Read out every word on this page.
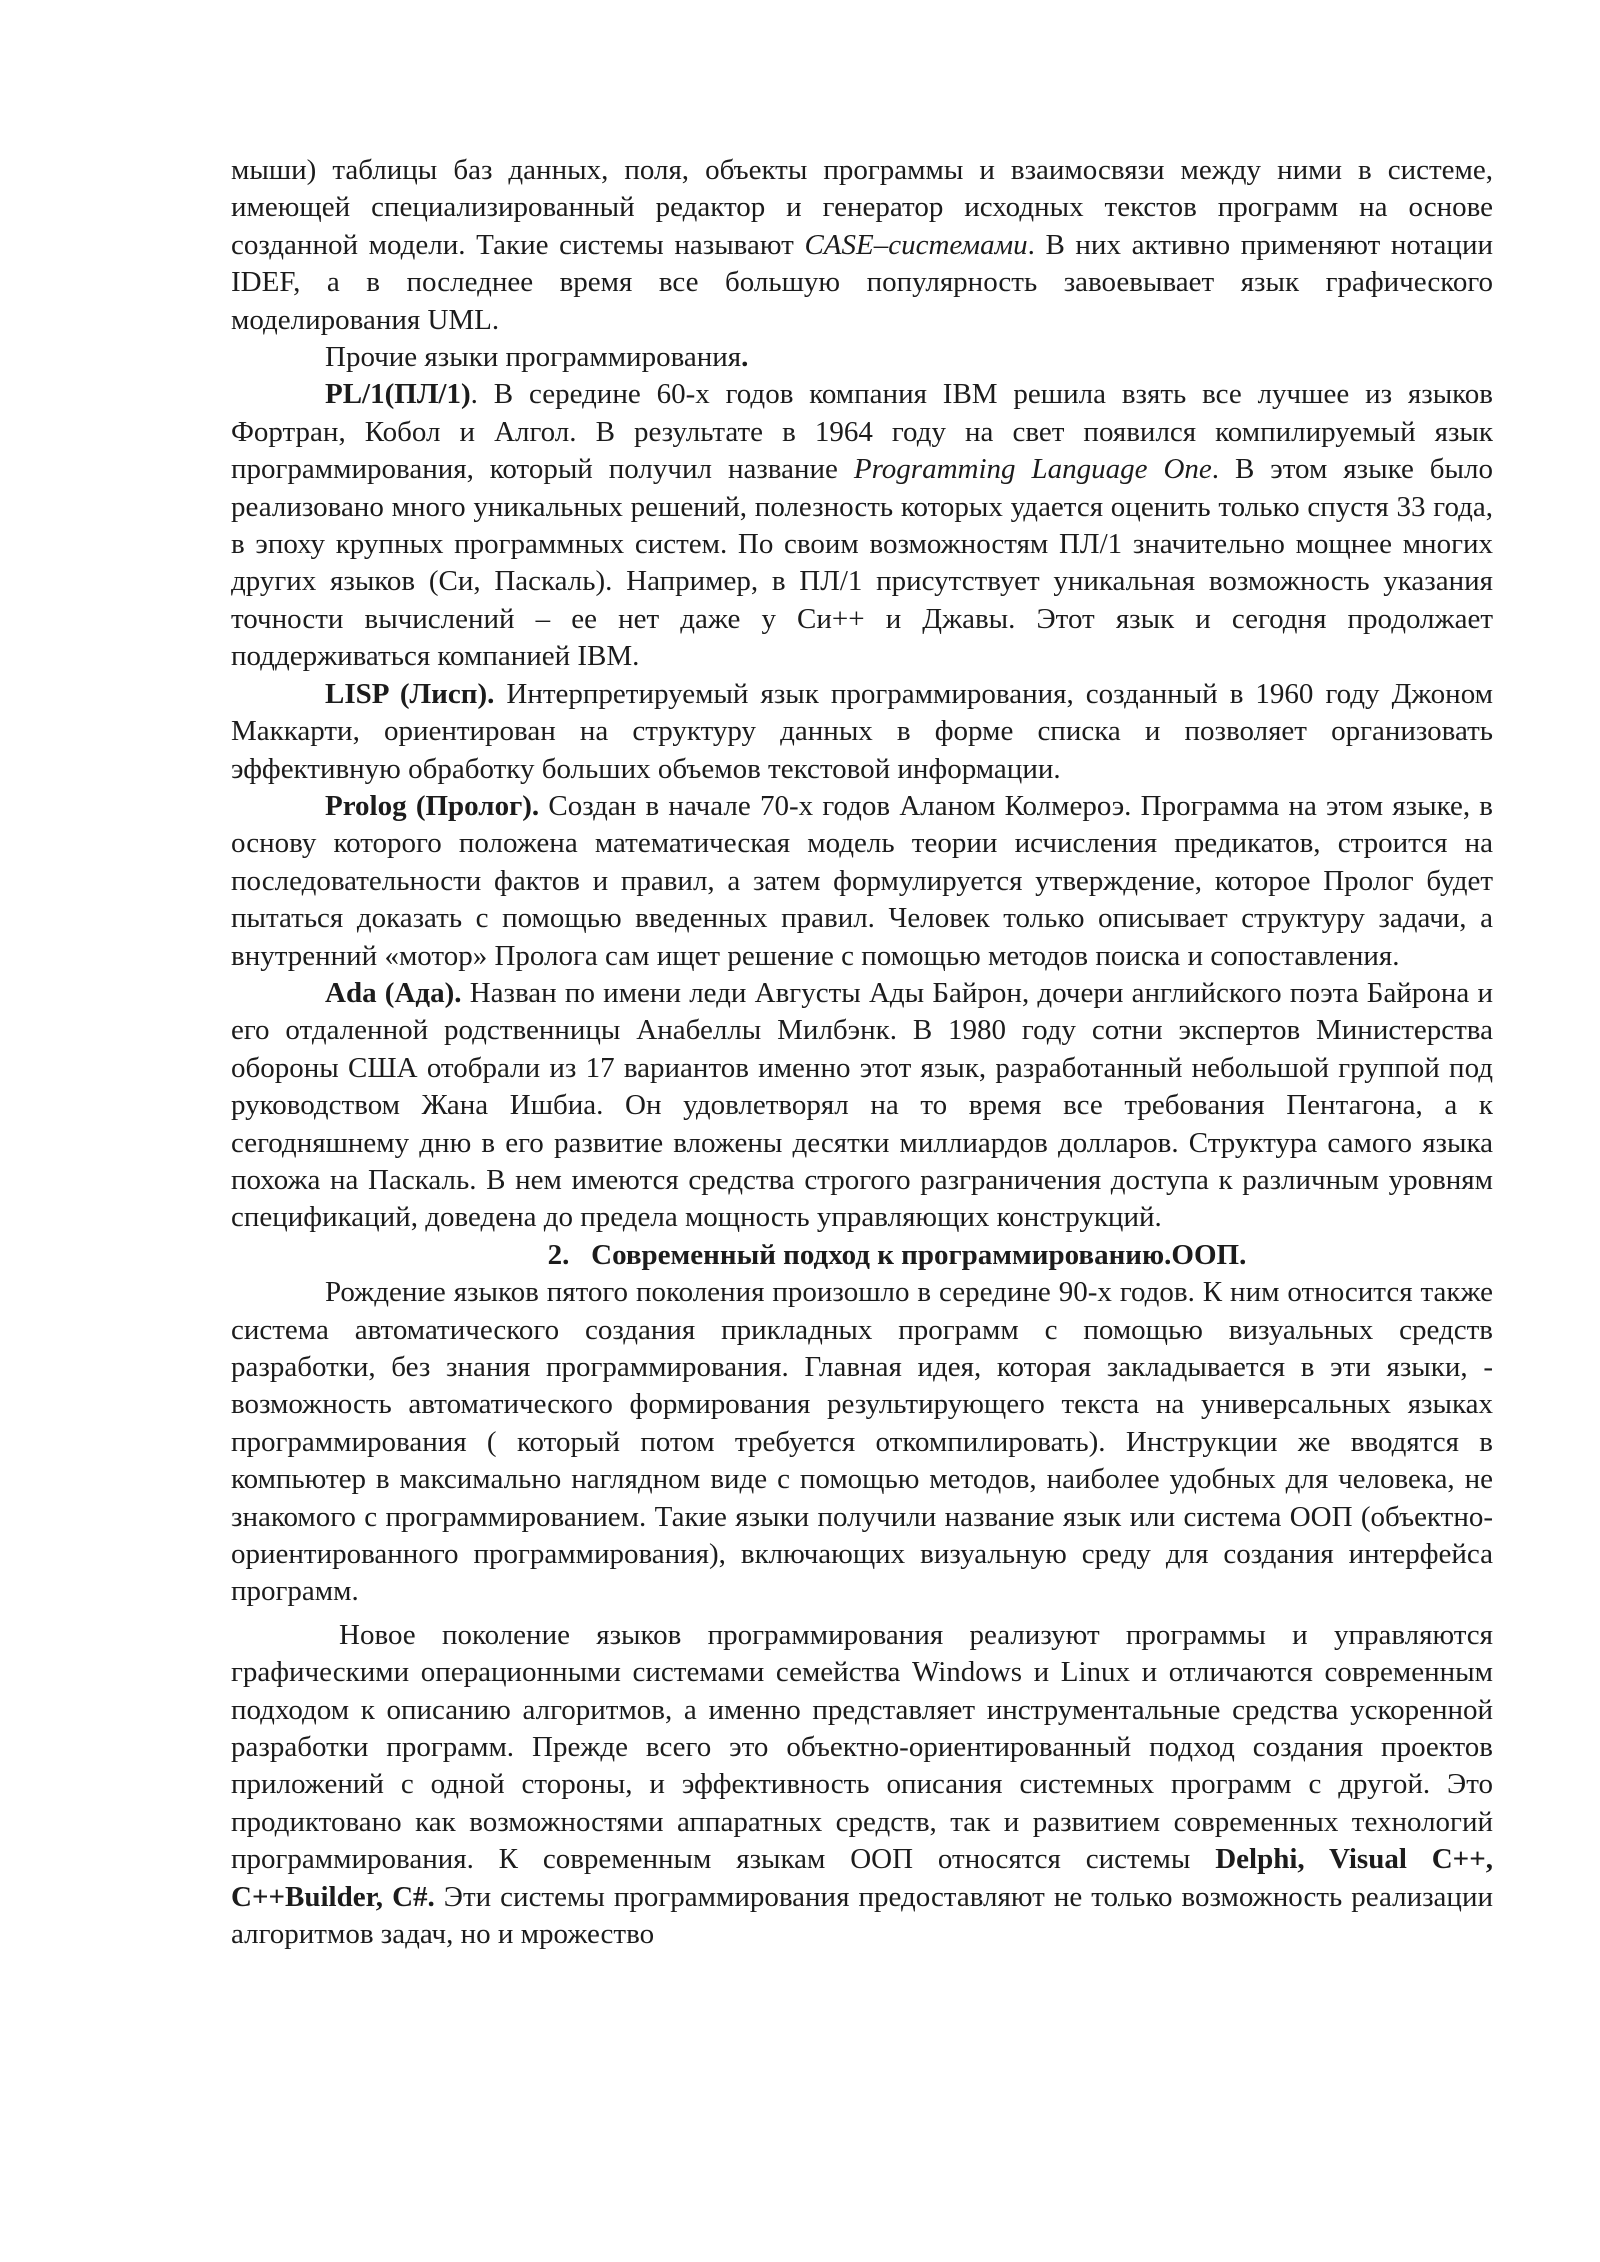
мыши) таблицы баз данных, поля, объекты программы и взаимосвязи между ними в системе, имеющей специализированный редактор и генератор исходных текстов программ на основе созданной модели. Такие системы называют CASE–системами. В них активно применяют нотации IDEF, а в последнее время все большую популярность завоевывает язык графического моделирования UML.

Прочие языки программирования.

PL/1(ПЛ/1). В середине 60-х годов компания IBM решила взять все лучшее из языков Фортран, Кобол и Алгол. В результате в 1964 году на свет появился компилируемый язык программирования, который получил название Programming Language One. В этом языке было реализовано много уникальных решений, полезность которых удается оценить только спустя 33 года, в эпоху крупных программных систем. По своим возможностям ПЛ/1 значительно мощнее многих других языков (Си, Паскаль). Например, в ПЛ/1 присутствует уникальная возможность указания точности вычислений – ее нет даже у Си++ и Джавы. Этот язык и сегодня продолжает поддерживаться компанией IBM.

LISP (Лисп). Интерпретируемый язык программирования, созданный в 1960 году Джоном Маккарти, ориентирован на структуру данных в форме списка и позволяет организовать эффективную обработку больших объемов текстовой информации.

Prolog (Пролог). Создан в начале 70-х годов Аланом Колмероэ. Программа на этом языке, в основу которого положена математическая модель теории исчисления предикатов, строится на последовательности фактов и правил, а затем формулируется утверждение, которое Пролог будет пытаться доказать с помощью введенных правил. Человек только описывает структуру задачи, а внутренний «мотор» Пролога сам ищет решение с помощью методов поиска и сопоставления.

Ada (Ада). Назван по имени леди Августы Ады Байрон, дочери английского поэта Байрона и его отдаленной родственницы Анабеллы Милбэнк. В 1980 году сотни экспертов Министерства обороны США отобрали из 17 вариантов именно этот язык, разработанный небольшой группой под руководством Жана Ишбиа. Он удовлетворял на то время все требования Пентагона, а к сегодняшнему дню в его развитие вложены десятки миллиардов долларов. Структура самого языка похожа на Паскаль. В нем имеются средства строгого разграничения доступа к различным уровням спецификаций, доведена до предела мощность управляющих конструкций.

2. Современный подход к программированию.ООП.

Рождение языков пятого поколения произошло в середине 90-х годов. К ним относится также система автоматического создания прикладных программ с помощью визуальных средств разработки, без знания программирования. Главная идея, которая закладывается в эти языки, - возможность автоматического формирования результирующего текста на универсальных языках программирования ( который потом требуется откомпилировать). Инструкции же вводятся в компьютер в максимально наглядном виде с помощью методов, наиболее удобных для человека, не знакомого с программированием. Такие языки получили название язык или система ООП (объектно-ориентированного программирования), включающих визуальную среду для создания интерфейса программ.

Новое поколение языков программирования реализуют программы и управляются графическими операционными системами семейства Windows и Linux и отличаются современным подходом к описанию алгоритмов, а именно представляет инструментальные средства ускоренной разработки программ. Прежде всего это объектно-ориентированный подход создания проектов приложений с одной стороны, и эффективность описания системных программ с другой. Это продиктовано как возможностями аппаратных средств, так и развитием современных технологий программирования. К современным языкам ООП относятся системы Delphi, Visual C++, C++Builder, C#. Эти системы программирования предоставляют не только возможность реализации алгоритмов задач, но и мрожество
